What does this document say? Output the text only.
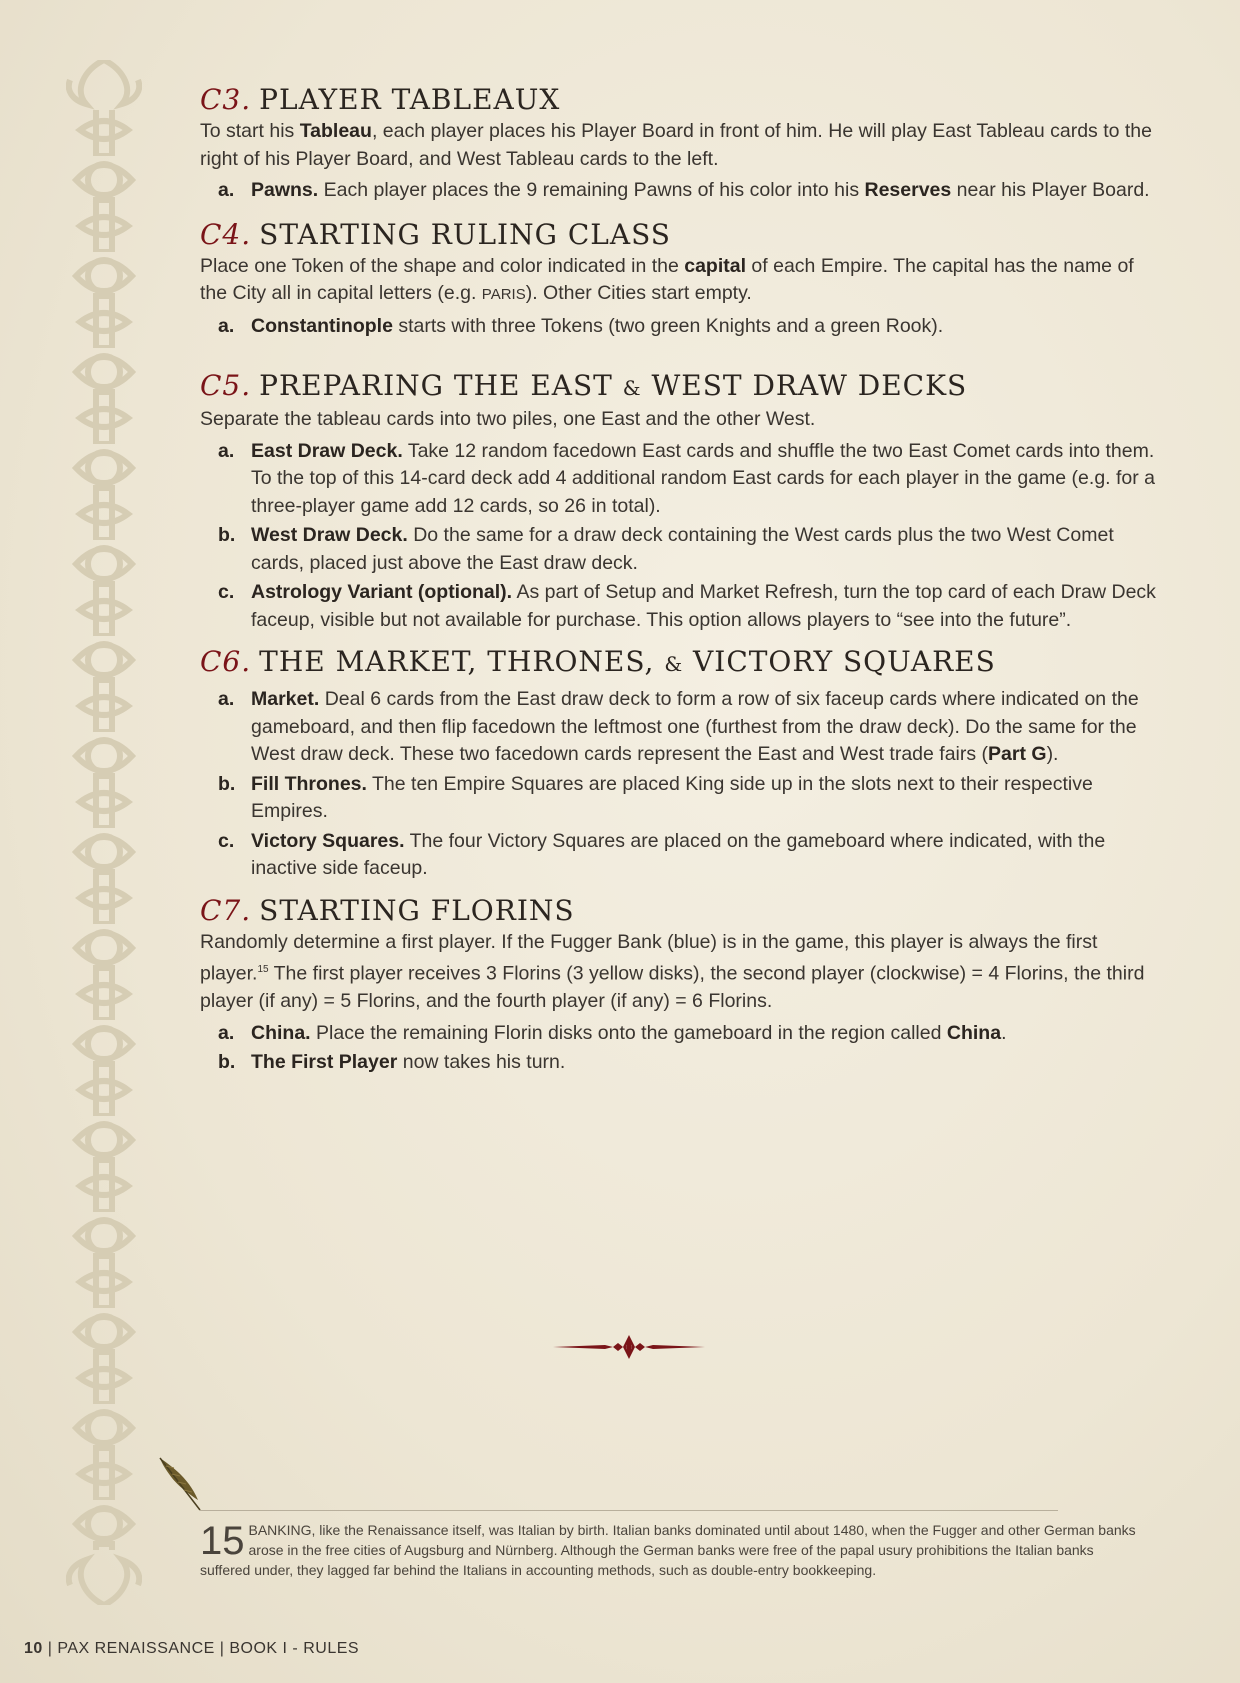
C3. PLAYER TABLEAUX

To start his Tableau, each player places his Player Board in front of him. He will play East Tableau cards to the right of his Player Board, and West Tableau cards to the left.

a. Pawns. Each player places the 9 remaining Pawns of his color into his Reserves near his Player Board.
C4. STARTING RULING CLASS

Place one Token of the shape and color indicated in the capital of each Empire. The capital has the name of the City all in capital letters (e.g. PARIS). Other Cities start empty.

a. Constantinople starts with three Tokens (two green Knights and a green Rook).
C5. PREPARING THE EAST & WEST DRAW DECKS

Separate the tableau cards into two piles, one East and the other West.

a. East Draw Deck. Take 12 random facedown East cards and shuffle the two East Comet cards into them. To the top of this 14-card deck add 4 additional random East cards for each player in the game (e.g. for a three-player game add 12 cards, so 26 in total).
b. West Draw Deck. Do the same for a draw deck containing the West cards plus the two West Comet cards, placed just above the East draw deck.
c. Astrology Variant (optional). As part of Setup and Market Refresh, turn the top card of each Draw Deck faceup, visible but not available for purchase. This option allows players to “see into the future”.
C6. THE MARKET, THRONES, & VICTORY SQUARES
a. Market. Deal 6 cards from the East draw deck to form a row of six faceup cards where indicated on the gameboard, and then flip facedown the leftmost one (furthest from the draw deck). Do the same for the West draw deck. These two facedown cards represent the East and West trade fairs (Part G).
b. Fill Thrones. The ten Empire Squares are placed King side up in the slots next to their respective Empires.
c. Victory Squares. The four Victory Squares are placed on the gameboard where indicated, with the inactive side faceup.
C7. STARTING FLORINS

Randomly determine a first player. If the Fugger Bank (blue) is in the game, this player is always the first player.$^{15}$ The first player receives 3 Florins (3 yellow disks), the second player (clockwise) = 4 Florins, the third player (if any) = 5 Florins, and the fourth player (if any) = 6 Florins.

a. China. Place the remaining Florin disks onto the gameboard in the region called China.
b. The First Player now takes his turn.
15 BANKING, like the Renaissance itself, was Italian by birth. Italian banks dominated until about 1480, when the Fugger and other German banks arose in the free cities of Augsburg and Nürnberg. Although the German banks were free of the papal usury prohibitions the Italian banks suffered under, they lagged far behind the Italians in accounting methods, such as double-entry bookkeeping.
10 | PAX RENAISSANCE | BOOK I - RULES
